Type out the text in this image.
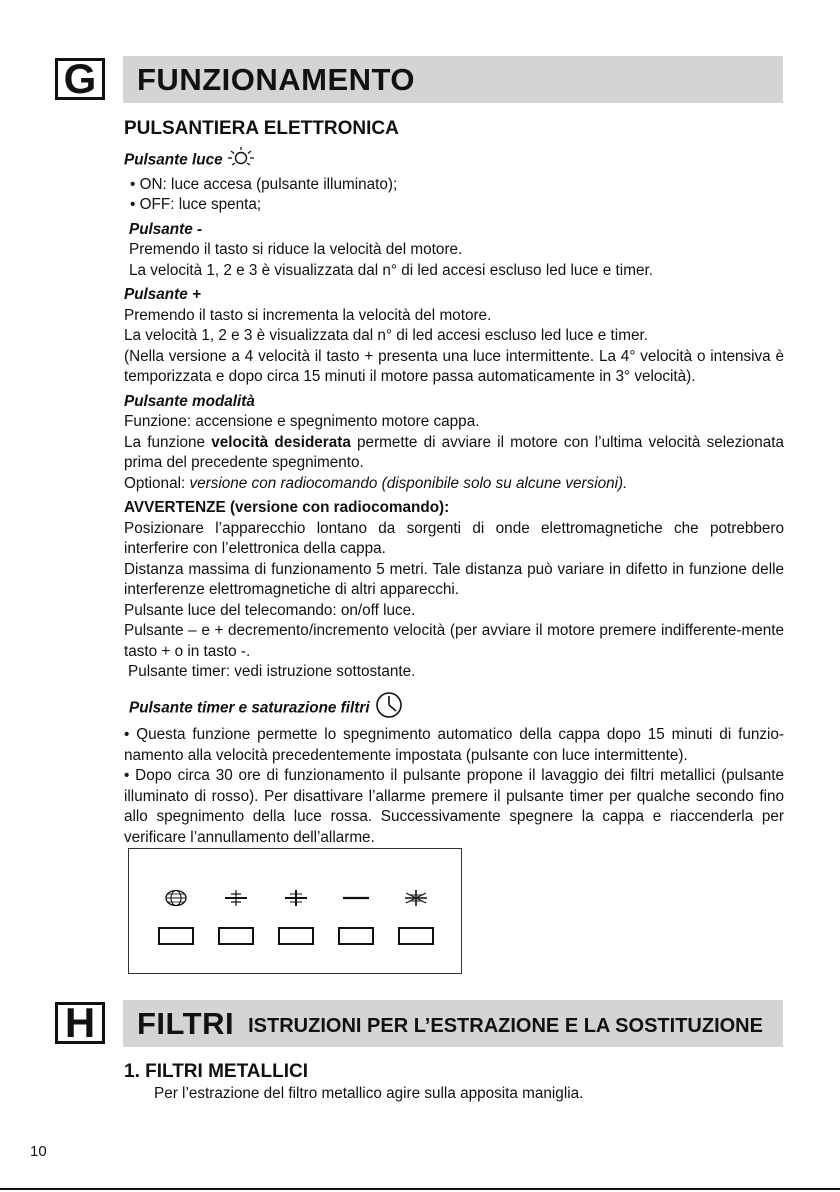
G FUNZIONAMENTO

PULSANTIERA ELETTRONICA

Pulsante luce

• ON: luce accesa (pulsante illuminato);

• OFF: luce spenta;

Pulsante -

Premendo il tasto si riduce la velocità del motore.

La velocità 1, 2 e 3 è visualizzata dal n° di led accesi escluso led luce e timer.

Pulsante +

Premendo il tasto si incrementa la velocità del motore.

La velocità 1, 2 e 3 è visualizzata dal n° di led accesi escluso led luce e timer.

(Nella versione a 4 velocità il tasto + presenta una luce intermittente. La 4° velocità o intensiva è temporizzata e dopo circa 15 minuti il motore passa automaticamente in 3° velocità).

Pulsante modalità

Funzione: accensione e spegnimento motore cappa.

La funzione velocità desiderata permette di avviare il motore con l’ultima velocità selezionata prima del precedente spegnimento.

Optional: versione con radiocomando (disponibile solo su alcune versioni).

AVVERTENZE (versione con radiocomando):

Posizionare l’apparecchio lontano da sorgenti di onde elettromagnetiche che potrebbero interferire con l’elettronica della cappa.

Distanza massima di funzionamento 5 metri. Tale distanza può variare in difetto in funzione delle interferenze elettromagnetiche di altri apparecchi.

Pulsante luce del telecomando: on/off luce.

Pulsante – e + decremento/incremento velocità (per avviare il motore premere indifferente-mente tasto + o in tasto -.

Pulsante timer: vedi istruzione sottostante.

Pulsante timer e saturazione filtri

• Questa funzione permette lo spegnimento automatico della cappa dopo 15 minuti di funzio-namento alla velocità precedentemente impostata (pulsante con luce intermittente).

• Dopo circa 30 ore di funzionamento il pulsante propone il lavaggio dei filtri metallici (pulsante illuminato di rosso). Per disattivare l’allarme premere il pulsante timer per qualche secondo fino allo spegnimento della luce rossa. Successivamente spegnere la cappa e riaccenderla per verificare l’annullamento dell’allarme.

H	FILTRI ISTRUZIONI PER L’ESTRAZIONE E LA SOSTITUZIONE

1. FILTRI METALLICI

Per l’estrazione del filtro metallico agire sulla apposita maniglia.

10
